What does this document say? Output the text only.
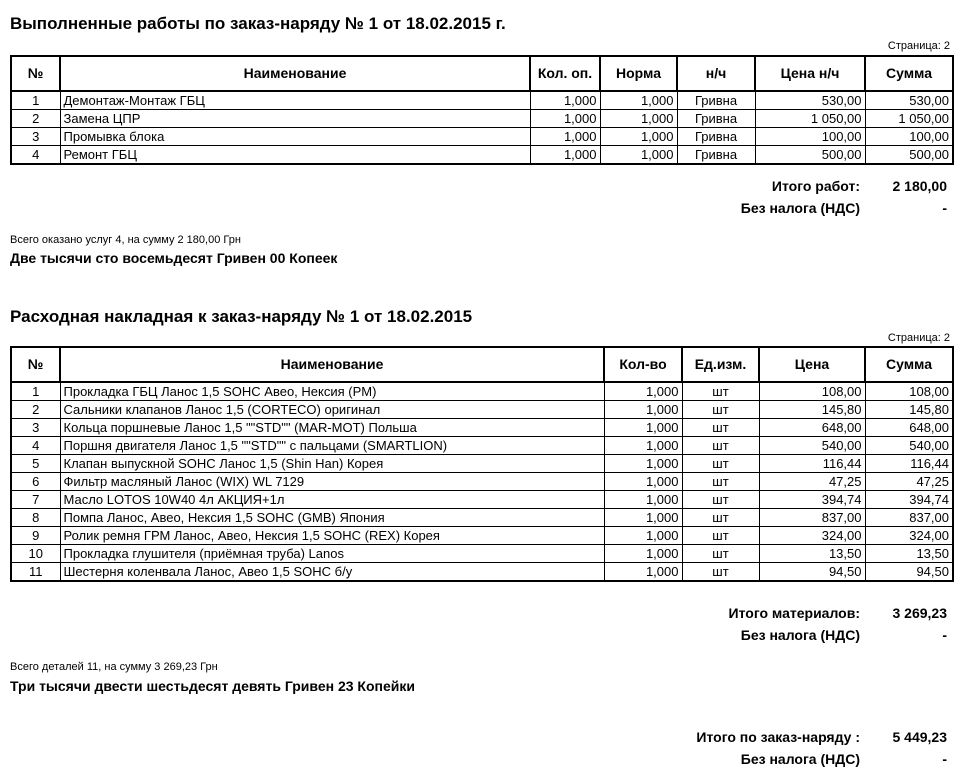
Выполненные работы по заказ-наряду № 1 от 18.02.2015 г.
Страница: 2
№	Наименование	Кол. оп.	Норма	н/ч	Цена н/ч	Сумма
1	Демонтаж-Монтаж ГБЦ	1,000	1,000	Гривна	530,00	530,00
2	Замена ЦПР	1,000	1,000	Гривна	1 050,00	1 050,00
3	Промывка блока	1,000	1,000	Гривна	100,00	100,00
4	Ремонт ГБЦ	1,000	1,000	Гривна	500,00	500,00
Итого работ:	2 180,00
Без налога (НДС)	-
Всего оказано услуг 4, на сумму 2 180,00 Грн
Две тысячи сто восемьдесят Гривен 00 Копеек
Расходная накладная к заказ-наряду № 1 от 18.02.2015
Страница: 2
№	Наименование	Кол-во	Ед.изм.	Цена	Сумма
1	Прокладка ГБЦ Ланос 1,5 SOHC Авео, Нексия (PM)	1,000	шт	108,00	108,00
2	Сальники клапанов Ланос 1,5 (CORTECO) оригинал	1,000	шт	145,80	145,80
3	Кольца поршневые Ланос 1,5 ""STD"" (MAR-MOT) Польша	1,000	шт	648,00	648,00
4	Поршня двигателя Ланос 1,5 ""STD"" с пальцами (SMARTLION)	1,000	шт	540,00	540,00
5	Клапан выпускной SOHC Ланос 1,5 (Shin Han) Корея	1,000	шт	116,44	116,44
6	Фильтр масляный Ланос (WIX) WL 7129	1,000	шт	47,25	47,25
7	Масло LOTOS 10W40 4л АКЦИЯ+1л	1,000	шт	394,74	394,74
8	Помпа Ланос, Авео, Нексия 1,5 SOHC (GMB) Япония	1,000	шт	837,00	837,00
9	Ролик ремня ГРМ Ланос, Авео, Нексия 1,5 SOHC (REX) Корея	1,000	шт	324,00	324,00
10	Прокладка глушителя (приёмная труба) Lanos	1,000	шт	13,50	13,50
11	Шестерня коленвала Ланос, Авео 1,5 SOHC б/у	1,000	шт	94,50	94,50
Итого материалов:	3 269,23
Без налога (НДС)	-
Всего деталей 11, на сумму 3 269,23 Грн
Три тысячи двести шестьдесят девять Гривен 23 Копейки
Итого по заказ-наряду :	5 449,23
Без налога (НДС)	-
